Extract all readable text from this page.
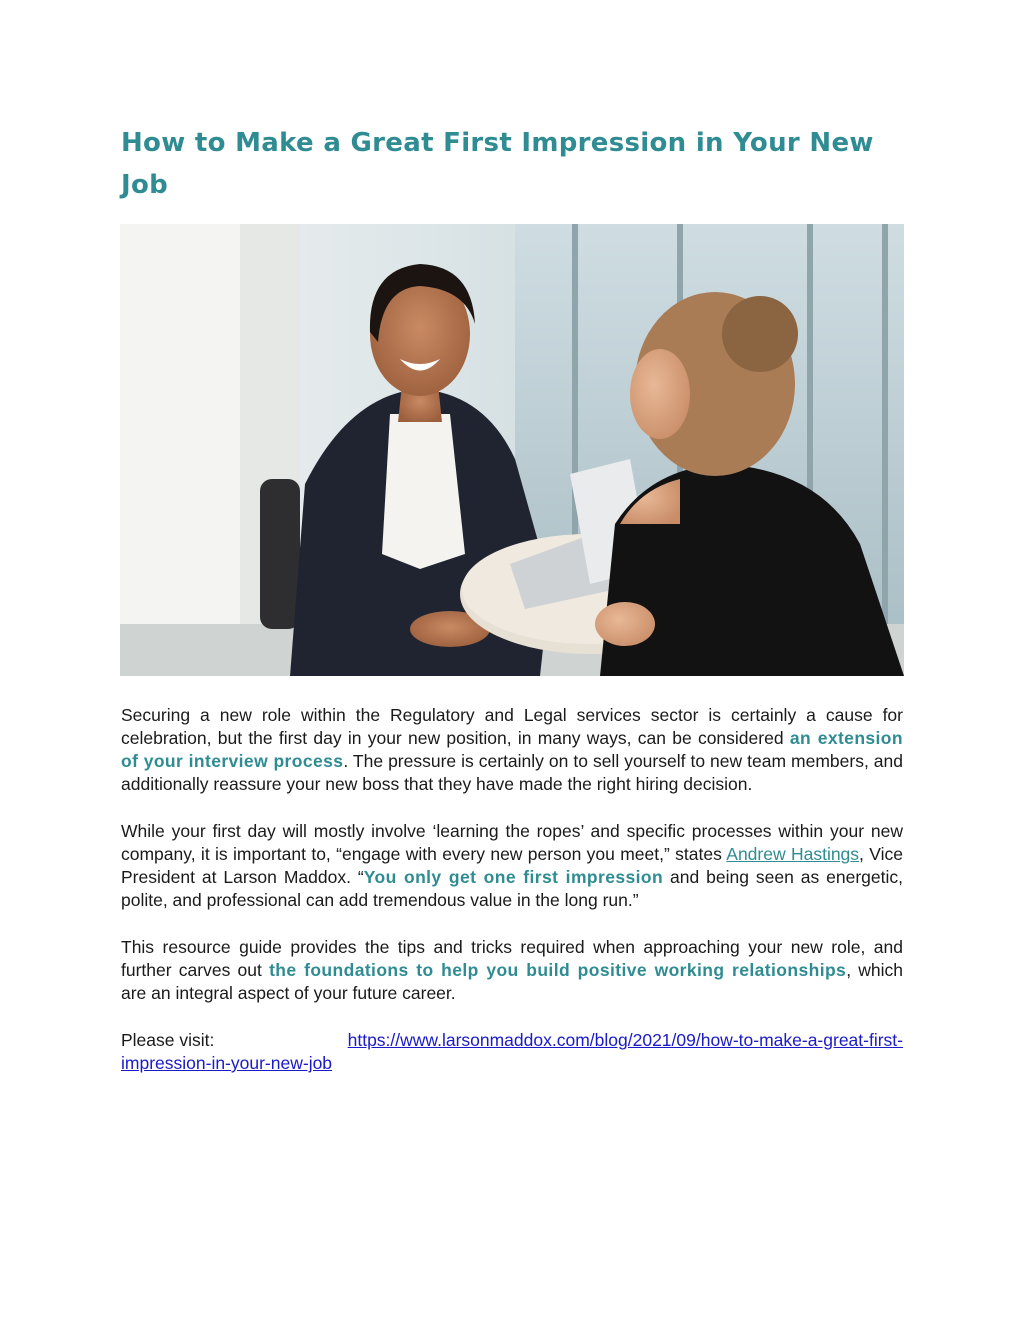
How to Make a Great First Impression in Your New Job

Securing a new role within the Regulatory and Legal services sector is certainly a cause for celebration, but the first day in your new position, in many ways, can be considered an extension of your interview process. The pressure is certainly on to sell yourself to new team members, and additionally reassure your new boss that they have made the right hiring decision.

While your first day will mostly involve ‘learning the ropes’ and specific processes within your new company, it is important to, “engage with every new person you meet,” states Andrew Hastings, Vice President at Larson Maddox. “You only get one first impression and being seen as energetic, polite, and professional can add tremendous value in the long run.”

This resource guide provides the tips and tricks required when approaching your new role, and further carves out the foundations to help you build positive working relationships, which are an integral aspect of your future career.

Please visit:	https://www.larsonmaddox.com/blog/2021/09/how-to-make-a-great-first-
impression-in-your-new-job
